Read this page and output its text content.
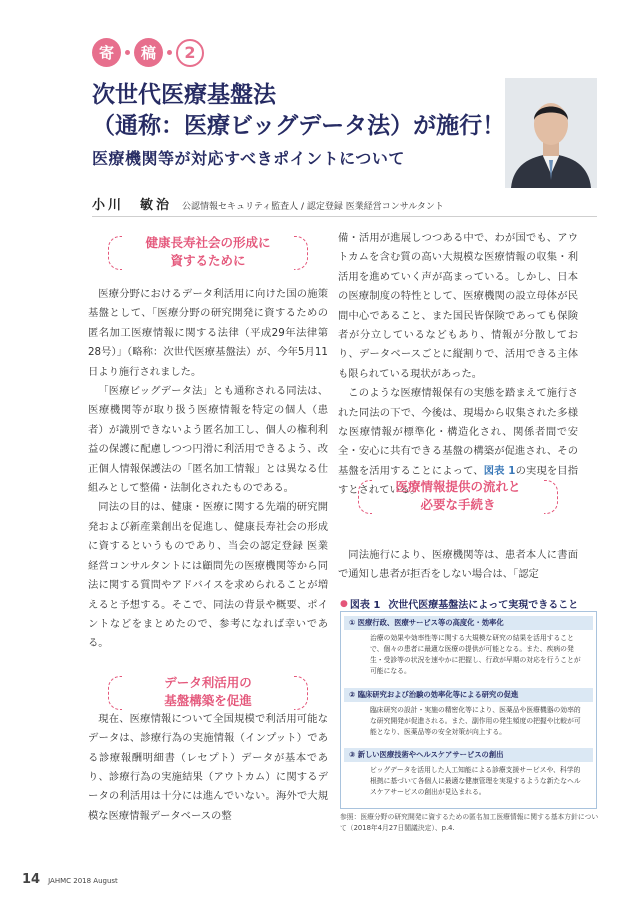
寄	稿	2
次世代医療基盤法
（通称：医療ビッグデータ法）が施行！
医療機関等が対応すべきポイントについて
小川　敏治 公認情報セキュリティ監査人 / 認定登録 医業経営コンサルタント
健康長寿社会の形成に
資するために

医療分野におけるデータ利活用に向けた国の施策基盤として、「医療分野の研究開発に資するための匿名加工医療情報に関する法律（平成29年法律第28号）」（略称：次世代医療基盤法）が、今年5月11日より施行されました。

「医療ビッグデータ法」とも通称される同法は、医療機関等が取り扱う医療情報を特定の個人（患者）が識別できないよう匿名加工し、個人の権利利益の保護に配慮しつつ円滑に利活用できるよう、改正個人情報保護法の「匿名加工情報」とは異なる仕組みとして整備・法制化されたものである。

同法の目的は、健康・医療に関する先端的研究開発および新産業創出を促進し、健康長寿社会の形成に資するというものであり、当会の認定登録 医業経営コンサルタントには顧問先の医療機関等から同法に関する質問やアドバイスを求められることが増えると予想する。そこで、同法の背景や概要、ポイントなどをまとめたので、参考になれば幸いである。

現在、医療情報について全国規模で利活用可能なデータは、診療行為の実施情報（インプット）である診療報酬明細書（レセプト）データが基本であり、診療行為の実施結果（アウトカム）に関するデータの利活用は十分には進んでいない。海外で大規模な医療情報データベースの整

データ利活用の
基盤構築を促進

備・活用が進展しつつある中で、わが国でも、アウトカムを含む質の高い大規模な医療情報の収集・利活用を進めていく声が高まっている。しかし、日本の医療制度の特性として、医療機関の設立母体が民間中心であること、また国民皆保険であっても保険者が分立しているなどもあり、情報が分散しており、データベースごとに縦割りで、活用できる主体も限られている現状があった。

このような医療情報保有の実態を踏まえて施行された同法の下で、今後は、現場から収集された多様な医療情報が標準化・構造化され、関係者間で安全・安心に共有できる基盤の構築が促進され、その基盤を活用することによって、図表 1の実現を目指すとされている。

医療情報提供の流れと
必要な手続き

同法施行により、医療機関等は、患者本人に書面で通知し患者が拒否をしない場合は、「認定

● 図表 1 次世代医療基盤法によって実現できること
① 医療行政、医療サービス等の高度化・効率化
治療の効果や効率性等に関する大規模な研究の結果を活用することで、個々の患者に最適な医療の提供が可能となる。また、疾病の発生・受診等の状況を速やかに把握し、行政が早期の対応を行うことが可能になる。
② 臨床研究および治験の効率化等による研究の促進
臨床研究の設計・実施の精密化等により、医薬品や医療機器の効率的な研究開発が促進される。また、副作用の発生頻度の把握や比較が可能となり、医薬品等の安全対策が向上する。
③ 新しい医療技術やヘルスケアサービスの創出
ビッグデータを活用した人工知能による診療支援サービスや、科学的根拠に基づいて各個人に最適な健康管理を実現するような新たなヘルスケアサービスの創出が見込まれる。
参照：医療分野の研究開発に資するための匿名加工医療情報に関する基本方針について（2018年4月27日閣議決定）、p.4.
14 JAHMC 2018 August
